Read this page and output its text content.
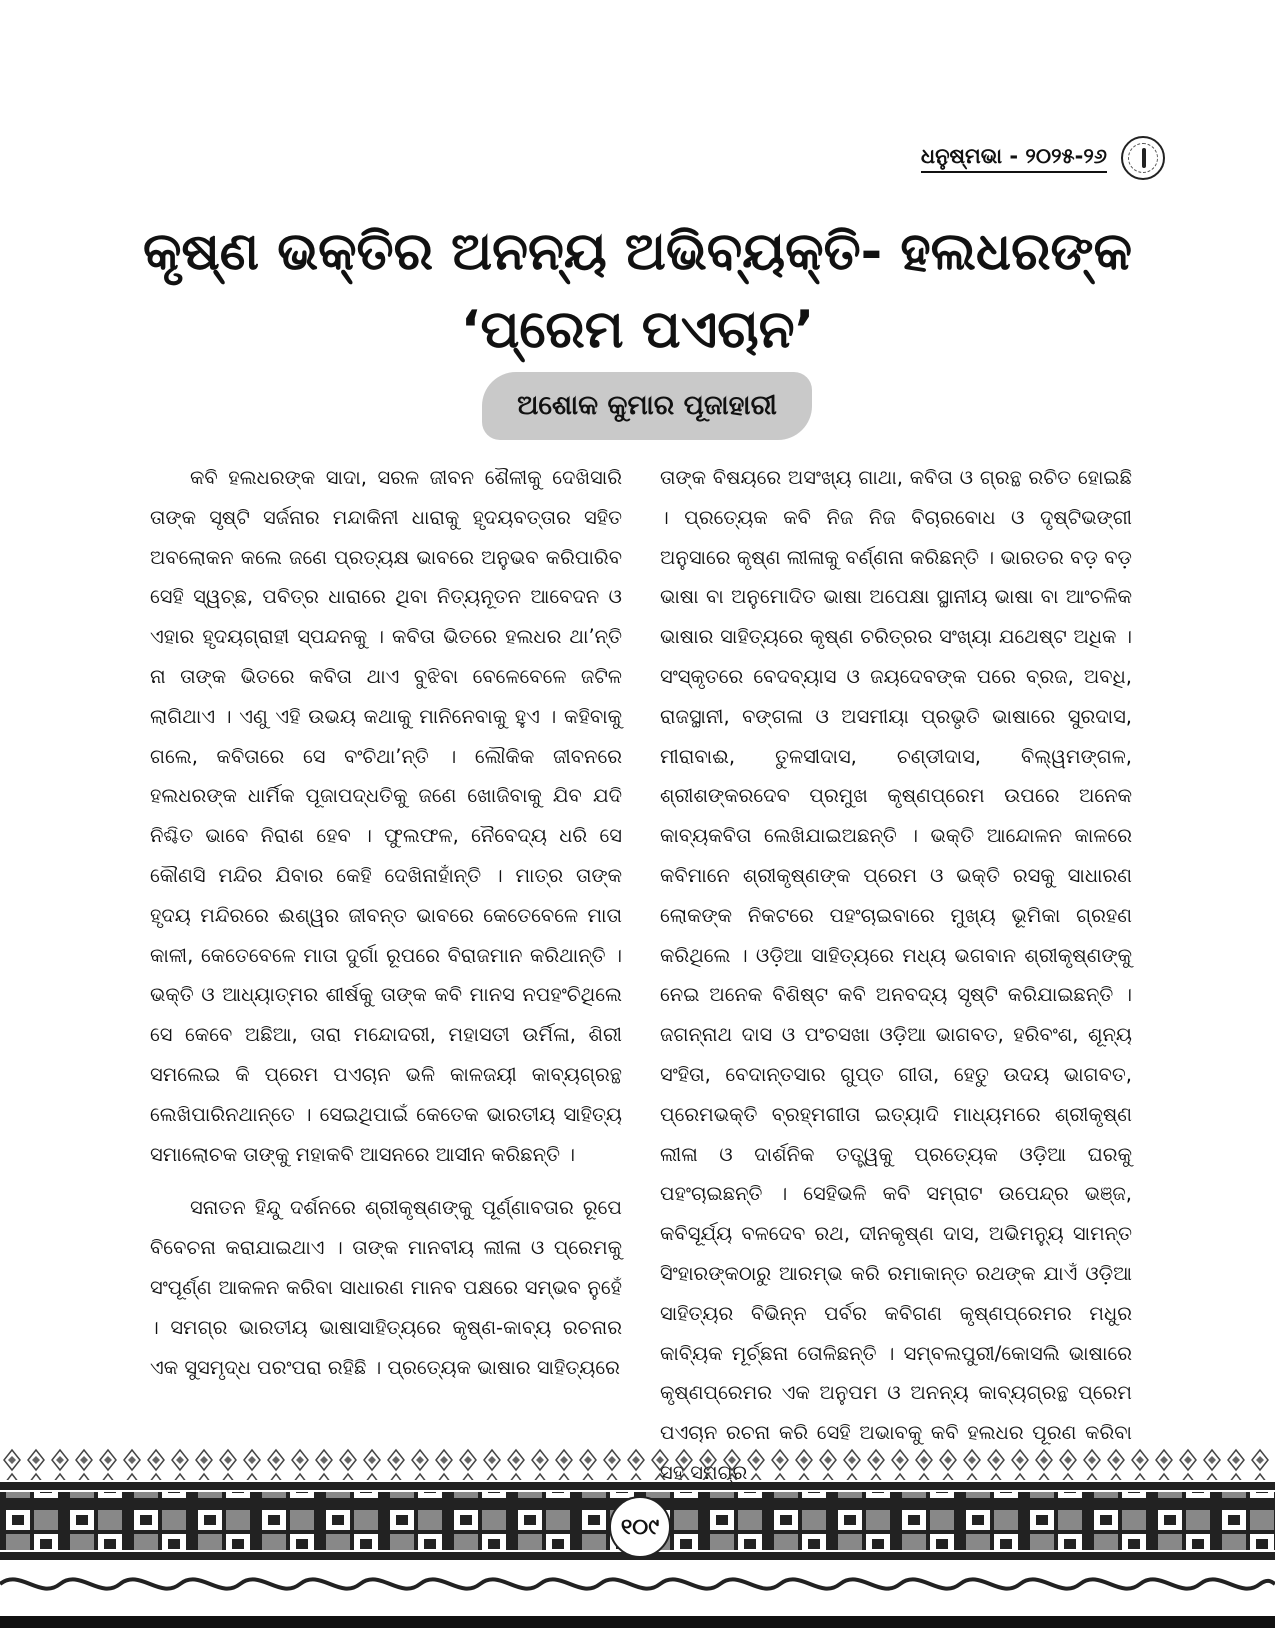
ଧନୁଷ୍ମଭା - ୨୦୨୫-୨୬
କୃଷ୍ଣ ଭକ୍ତିର ଅନନ୍ୟ ଅଭିବ୍ୟକ୍ତି- ହଲଧରଙ୍କ
‘ପ୍ରେମ ପଏଚାନ’
ଅଶୋକ କୁମାର ପୂଜାହାରୀ

କବି ହଲଧରଙ୍କ ସାଦା, ସରଳ ଜୀବନ ଶୈଳୀକୁ ଦେଖିସାରି ତାଙ୍କ ସୃଷ୍ଟି ସର୍ଜନାର ମନ୍ଦାକିନୀ ଧାରାକୁ ହୃଦୟବତ୍ତାର ସହିତ ଅବଲୋକନ କଲେ ଜଣେ ପ୍ରତ୍ୟକ୍ଷ ଭାବରେ ଅନୁଭବ କରିପାରିବ ସେହି ସ୍ୱଚ୍ଛ, ପବିତ୍ର ଧାରାରେ ଥିବା ନିତ୍ୟନୂତନ ଆବେଦନ ଓ ଏହାର ହୃଦୟଗ୍ରାହୀ ସ୍ପନ୍ଦନକୁ । କବିତା ଭିତରେ ହଲଧର ଥା’ନ୍ତି ନା ତାଙ୍କ ଭିତରେ କବିତା ଥାଏ ବୁଝିବା ବେଳେବେଳେ ଜଟିଳ ଲାଗିଥାଏ । ଏଣୁ ଏହି ଉଭୟ କଥାକୁ ମାନିନେବାକୁ ହୁଏ । କହିବାକୁ ଗଲେ, କବିତାରେ ସେ ବଂଚିଥା’ନ୍ତି । ଲୌକିକ ଜୀବନରେ ହଲଧରଙ୍କ ଧାର୍ମିକ ପୂଜାପଦ୍ଧତିକୁ ଜଣେ ଖୋଜିବାକୁ ଯିବ ଯଦି ନିଶ୍ଚିତ ଭାବେ ନିରାଶ ହେବ । ଫୁଲଫଳ, ନୈବେଦ୍ୟ ଧରି ସେ କୌଣସି ମନ୍ଦିର ଯିବାର କେହି ଦେଖିନାହାଁନ୍ତି । ମାତ୍ର ତାଙ୍କ ହୃଦୟ ମନ୍ଦିରରେ ଈଶ୍ୱର ଜୀବନ୍ତ ଭାବରେ କେତେବେଳେ ମାତା କାଳୀ, କେତେବେଳେ ମାତା ଦୁର୍ଗା ରୂପରେ ବିରାଜମାନ କରିଥାନ୍ତି । ଭକ୍ତି ଓ ଆଧ୍ୟାତ୍ମର ଶୀର୍ଷକୁ ତାଙ୍କ କବି ମାନସ ନପହଂଚିଥିଲେ ସେ କେବେ ଅଛିଆ, ତାରା ମନ୍ଦୋଦରୀ, ମହାସତୀ ଉର୍ମିଳା, ଶିରୀ ସମଲେଇ କି ପ୍ରେମ ପଏଚାନ ଭଳି କାଳଜୟୀ କାବ୍ୟଗ୍ରନ୍ଥ ଲେଖିପାରିନଥାନ୍ତେ । ସେଇଥିପାଇଁ କେତେକ ଭାରତୀୟ ସାହିତ୍ୟ ସମାଲୋଚକ ତାଙ୍କୁ ମହାକବି ଆସନରେ ଆସୀନ କରିଛନ୍ତି ।

ସନାତନ ହିନ୍ଦୁ ଦର୍ଶନରେ ଶ୍ରୀକୃଷ୍ଣଙ୍କୁ ପୂର୍ଣ୍ଣାବତାର ରୂପେ ବିବେଚନା କରାଯାଇଥାଏ । ତାଙ୍କ ମାନବୀୟ ଲୀଳା ଓ ପ୍ରେମକୁ ସଂପୂର୍ଣ୍ଣ ଆକଳନ କରିବା ସାଧାରଣ ମାନବ ପକ୍ଷରେ ସମ୍ଭବ ନୁହେଁ । ସମଗ୍ର ଭାରତୀୟ ଭାଷାସାହିତ୍ୟରେ କୃଷ୍ଣ-କାବ୍ୟ ରଚନାର ଏକ ସୁସମୃଦ୍ଧ ପରଂପରା ରହିଛି । ପ୍ରତ୍ୟେକ ଭାଷାର ସାହିତ୍ୟରେ

ତାଙ୍କ ବିଷୟରେ ଅସଂଖ୍ୟ ଗାଥା, କବିତା ଓ ଗ୍ରନ୍ଥ ରଚିତ ହୋଇଛି । ପ୍ରତ୍ୟେକ କବି ନିଜ ନିଜ ବିଚାରବୋଧ ଓ ଦୃଷ୍ଟିଭଙ୍ଗୀ ଅନୁସାରେ କୃଷ୍ଣ ଲୀଳାକୁ ବର୍ଣ୍ଣନା କରିଛନ୍ତି । ଭାରତର ବଡ଼ ବଡ଼ ଭାଷା ବା ଅନୁମୋଦିତ ଭାଷା ଅପେକ୍ଷା ସ୍ଥାନୀୟ ଭାଷା ବା ଆଂଚଳିକ ଭାଷାର ସାହିତ୍ୟରେ କୃଷ୍ଣ ଚରିତ୍ରର ସଂଖ୍ୟା ଯଥେଷ୍ଟ ଅଧିକ । ସଂସ୍କୃତରେ ବେଦବ୍ୟାସ ଓ ଜୟଦେବଙ୍କ ପରେ ବ୍ରଜ, ଅବଧି, ରାଜସ୍ଥାନୀ, ବଙ୍ଗଳା ଓ ଅସମୀୟା ପ୍ରଭୃତି ଭାଷାରେ ସୁରଦାସ, ମୀରାବାଈ, ତୁଳସୀଦାସ, ଚଣ୍ଡୀଦାସ, ବିଲ୍ୱମଙ୍ଗଳ, ଶ୍ରୀଶଙ୍କରଦେବ ପ୍ରମୁଖ କୃଷ୍ଣପ୍ରେମ ଉପରେ ଅନେକ କାବ୍ୟକବିତା ଲେଖିଯାଇଅଛନ୍ତି । ଭକ୍ତି ଆନ୍ଦୋଳନ କାଳରେ କବିମାନେ ଶ୍ରୀକୃଷ୍ଣଙ୍କ ପ୍ରେମ ଓ ଭକ୍ତି ରସକୁ ସାଧାରଣ ଲୋକଙ୍କ ନିକଟରେ ପହଂଚାଇବାରେ ମୁଖ୍ୟ ଭୂମିକା ଗ୍ରହଣ କରିଥିଲେ । ଓଡ଼ିଆ ସାହିତ୍ୟରେ ମଧ୍ୟ ଭଗବାନ ଶ୍ରୀକୃଷ୍ଣଙ୍କୁ ନେଇ ଅନେକ ବିଶିଷ୍ଟ କବି ଅନବଦ୍ୟ ସୃଷ୍ଟି କରିଯାଇଛନ୍ତି । ଜଗନ୍ନାଥ ଦାସ ଓ ପଂଚସଖା ଓଡ଼ିଆ ଭାଗବତ, ହରିବଂଶ, ଶୂନ୍ୟ ସଂହିତା, ବେଦାନ୍ତସାର ଗୁପ୍ତ ଗୀତା, ହେତୁ ଉଦୟ ଭାଗବତ, ପ୍ରେମଭକ୍ତି ବ୍ରହ୍ମଗୀତା ଇତ୍ୟାଦି ମାଧ୍ୟମରେ ଶ୍ରୀକୃଷ୍ଣ ଲୀଳା ଓ ଦାର୍ଶନିକ ତତ୍ତ୍ୱକୁ ପ୍ରତ୍ୟେକ ଓଡ଼ିଆ ଘରକୁ ପହଂଚାଇଛନ୍ତି । ସେହିଭଳି କବି ସମ୍ରାଟ ଉପେନ୍ଦ୍ର ଭଞ୍ଜ, କବିସୂର୍ଯ୍ୟ ବଳଦେବ ରଥ, ଦୀନକୃଷ୍ଣ ଦାସ, ଅଭିମନ୍ୟୁ ସାମନ୍ତ ସିଂହାରଙ୍କଠାରୁ ଆରମ୍ଭ କରି ରମାକାନ୍ତ ରଥଙ୍କ ଯାଏଁ ଓଡ଼ିଆ ସାହିତ୍ୟର ବିଭିନ୍ନ ପର୍ବର କବିଗଣ କୃଷ୍ଣପ୍ରେମର ମଧୁର କାବ୍ୟିକ ମୂର୍ଚ୍ଛନା ତୋଳିଛନ୍ତି । ସମ୍ବଲପୁରୀ/କୋସଲି ଭାଷାରେ କୃଷ୍ଣପ୍ରେମର ଏକ ଅନୁପମ ଓ ଅନନ୍ୟ କାବ୍ୟଗ୍ରନ୍ଥ ପ୍ରେମ ପଏଚାନ ରଚନା କରି ସେହି ଅଭାବକୁ କବି ହଲଧର ପୂରଣ କରିବା

୧୦୯
